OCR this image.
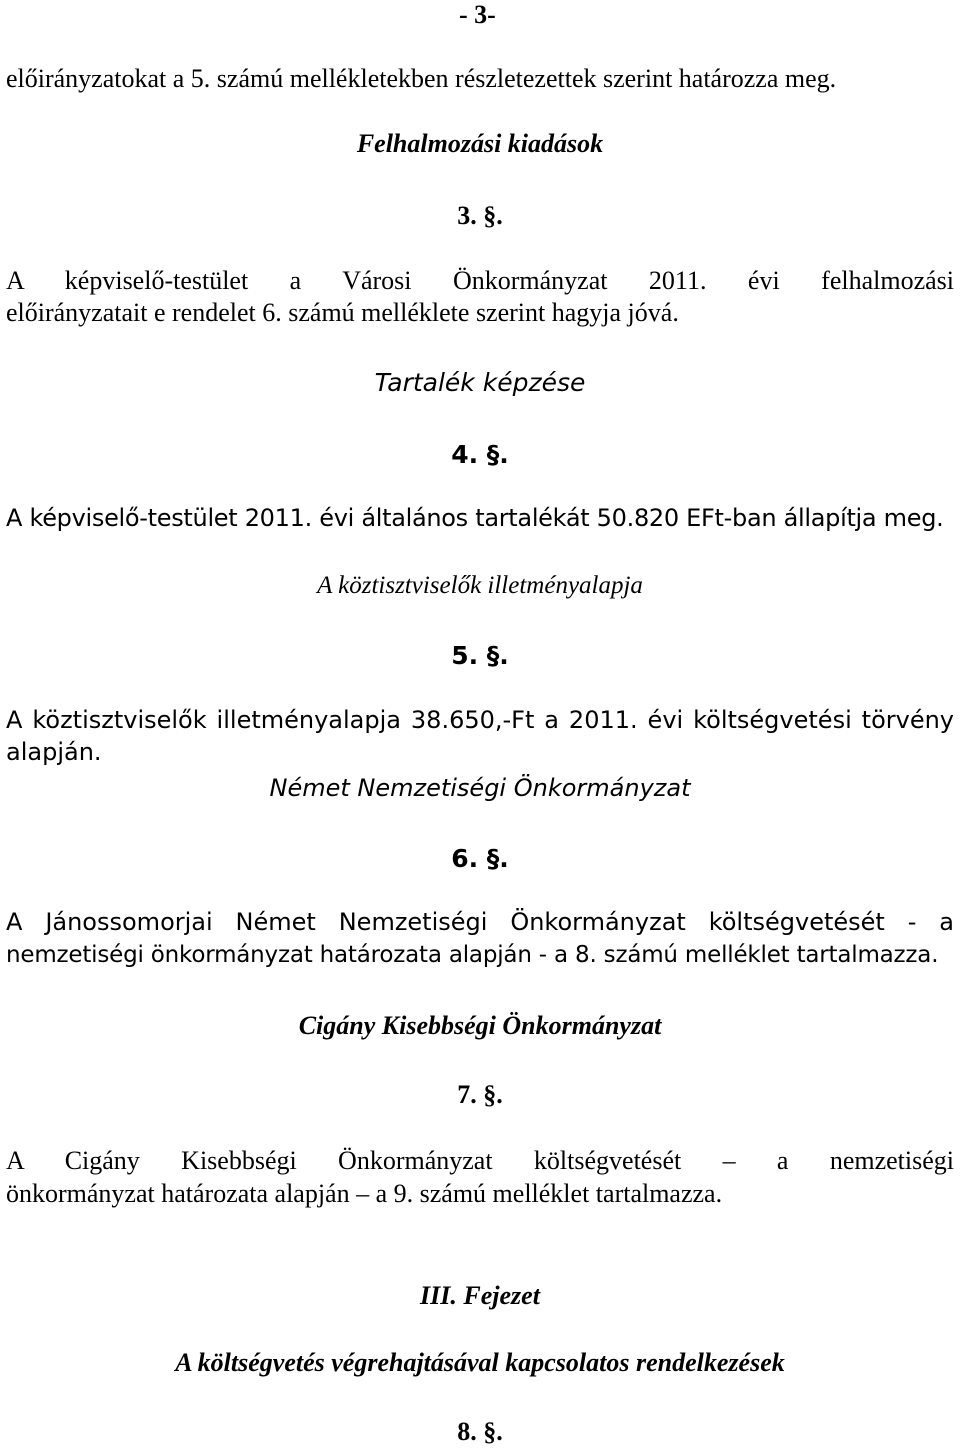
- 3-
előirányzatokat a 5. számú mellékletekben részletezettek szerint határozza meg.
Felhalmozási kiadások
3. §.
A képviselő-testület a Városi Önkormányzat 2011. évi felhalmozási
előirányzatait e rendelet 6. számú melléklete szerint hagyja jóvá.
Tartalék képzése
4. §.
A képviselő-testület 2011. évi általános tartalékát 50.820 EFt-ban állapítja meg.
A köztisztviselők illetményalapja
5. §.
A köztisztviselők illetményalapja 38.650,-Ft a 2011. évi költségvetési törvény
alapján.
Német Nemzetiségi Önkormányzat
6. §.
A Jánossomorjai Német Nemzetiségi Önkormányzat költségvetését - a
nemzetiségi önkormányzat határozata alapján - a 8. számú melléklet tartalmazza.
Cigány Kisebbségi Önkormányzat
7. §.
A Cigány Kisebbségi Önkormányzat költségvetését – a nemzetiségi
önkormányzat határozata alapján – a 9. számú melléklet tartalmazza.
III. Fejezet
A költségvetés végrehajtásával kapcsolatos rendelkezések
8. §.
